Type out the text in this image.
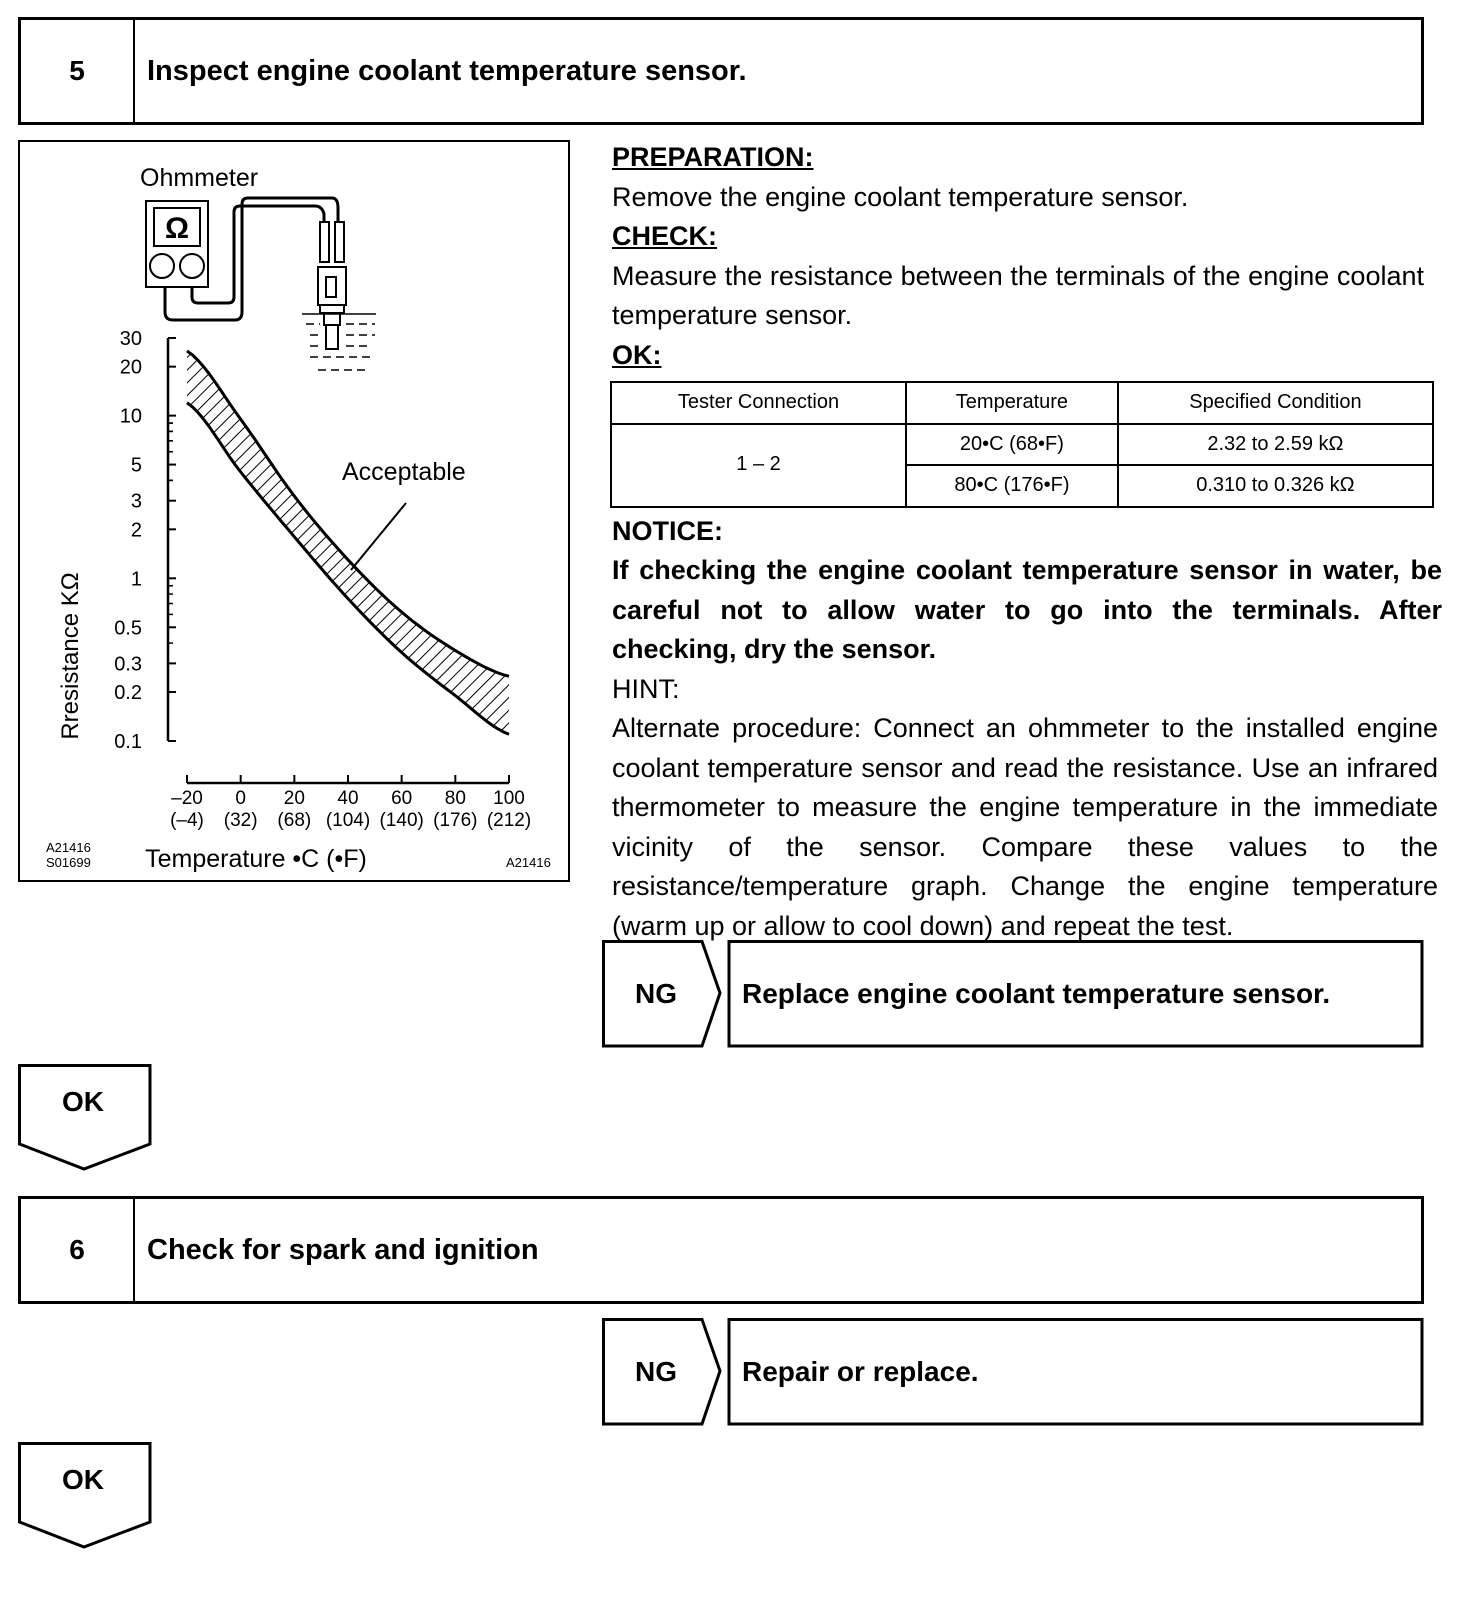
5	Inspect engine coolant temperature sensor.
Ohmmeter
Ω
30
20
10
5
3
2
1
0.5
0.3
0.2
0.1
–20
(–4)
0
(32)
20
(68)
40
(104)
60
(140)
80
(176)
100
(212)
Acceptable
Rresistance KΩ
Temperature •C (•F)
A21416
S01699	A21416

PREPARATION:

Remove the engine coolant temperature sensor.

CHECK:

Measure the resistance between the terminals of the engine coolant temperature sensor.

OK:

Tester Connection	Temperature	Specified Condition
1 – 2	20•C (68•F)	2.32 to 2.59 kΩ
	80•C (176•F)	0.310 to 0.326 kΩ

NOTICE:

If checking the engine coolant temperature sensor in water, be careful not to allow water to go into the terminals. After checking, dry the sensor.

HINT:

Alternate procedure: Connect an ohmmeter to the installed engine coolant temperature sensor and read the resistance. Use an infrared thermometer to measure the engine temperature in the immediate vicinity of the sensor. Compare these values to the resistance/temperature graph. Change the engine temperature (warm up or allow to cool down) and repeat the test.

NG	Replace engine coolant temperature sensor.
OK
6	Check for spark and ignition
NG	Repair or replace.
OK
